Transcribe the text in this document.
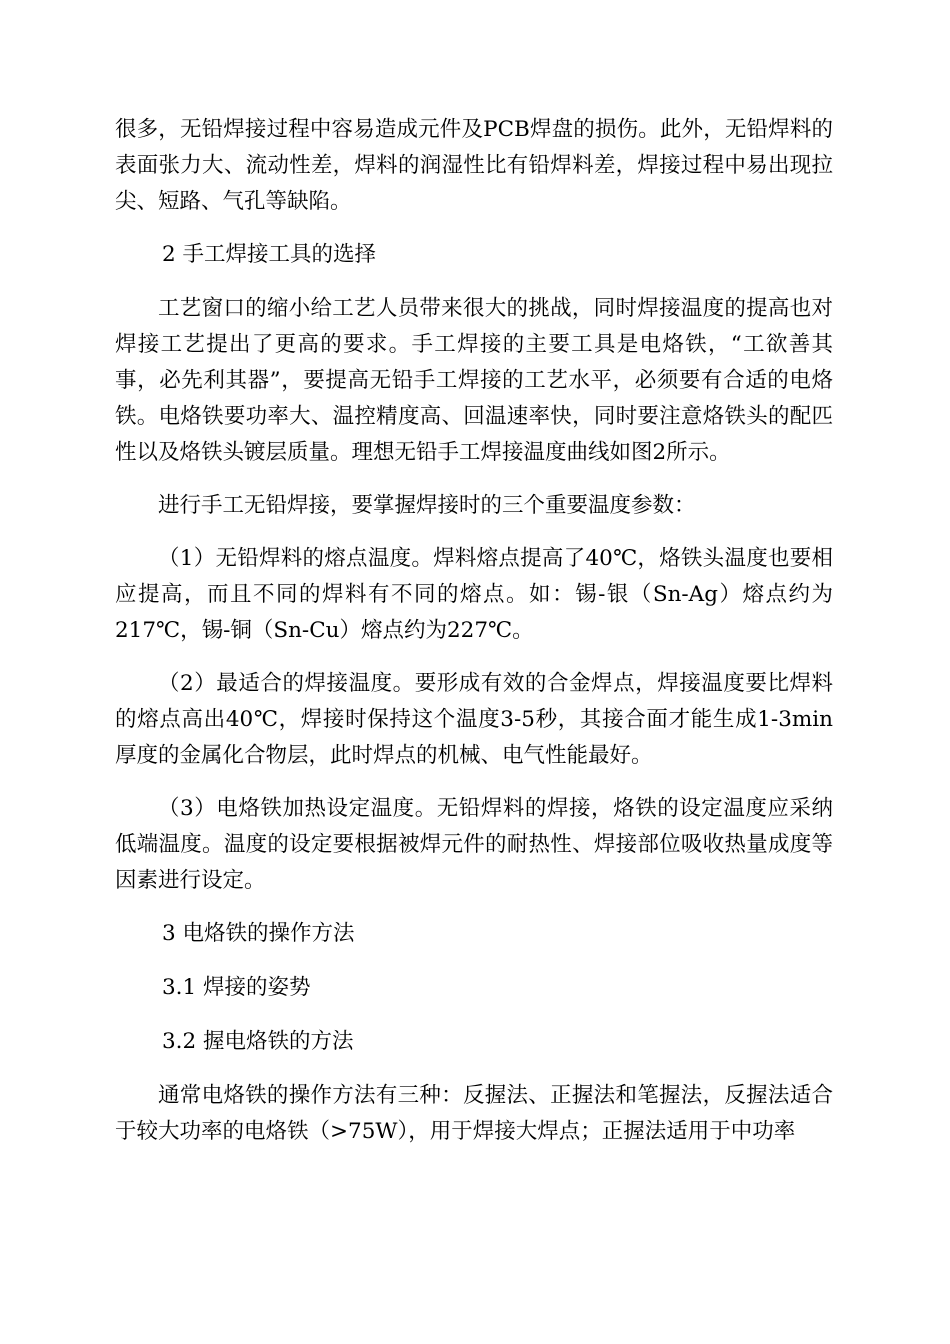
很多，无铅焊接过程中容易造成元件及PCB焊盘的损伤。此外，无铅焊料的表面张力大、流动性差，焊料的润湿性比有铅焊料差，焊接过程中易出现拉尖、短路、气孔等缺陷。

2 手工焊接工具的选择

工艺窗口的缩小给工艺人员带来很大的挑战，同时焊接温度的提高也对焊接工艺提出了更高的要求。手工焊接的主要工具是电烙铁，“工欲善其事，必先利其器”，要提高无铅手工焊接的工艺水平，必须要有合适的电烙铁。电烙铁要功率大、温控精度高、回温速率快，同时要注意烙铁头的配匹性以及烙铁头镀层质量。理想无铅手工焊接温度曲线如图2所示。

进行手工无铅焊接，要掌握焊接时的三个重要温度参数：

（1）无铅焊料的熔点温度。焊料熔点提高了40℃，烙铁头温度也要相应提高，而且不同的焊料有不同的熔点。如：锡-银（Sn-Ag）熔点约为217℃，锡-铜（Sn-Cu）熔点约为227℃。

（2）最适合的焊接温度。要形成有效的合金焊点，焊接温度要比焊料的熔点高出40℃，焊接时保持这个温度3-5秒，其接合面才能生成1-3min厚度的金属化合物层，此时焊点的机械、电气性能最好。

（3）电烙铁加热设定温度。无铅焊料的焊接，烙铁的设定温度应采纳低端温度。温度的设定要根据被焊元件的耐热性、焊接部位吸收热量成度等因素进行设定。

3 电烙铁的操作方法

3.1 焊接的姿势

3.2 握电烙铁的方法

通常电烙铁的操作方法有三种：反握法、正握法和笔握法，反握法适合于较大功率的电烙铁（>75W），用于焊接大焊点；正握法适用于中功率
